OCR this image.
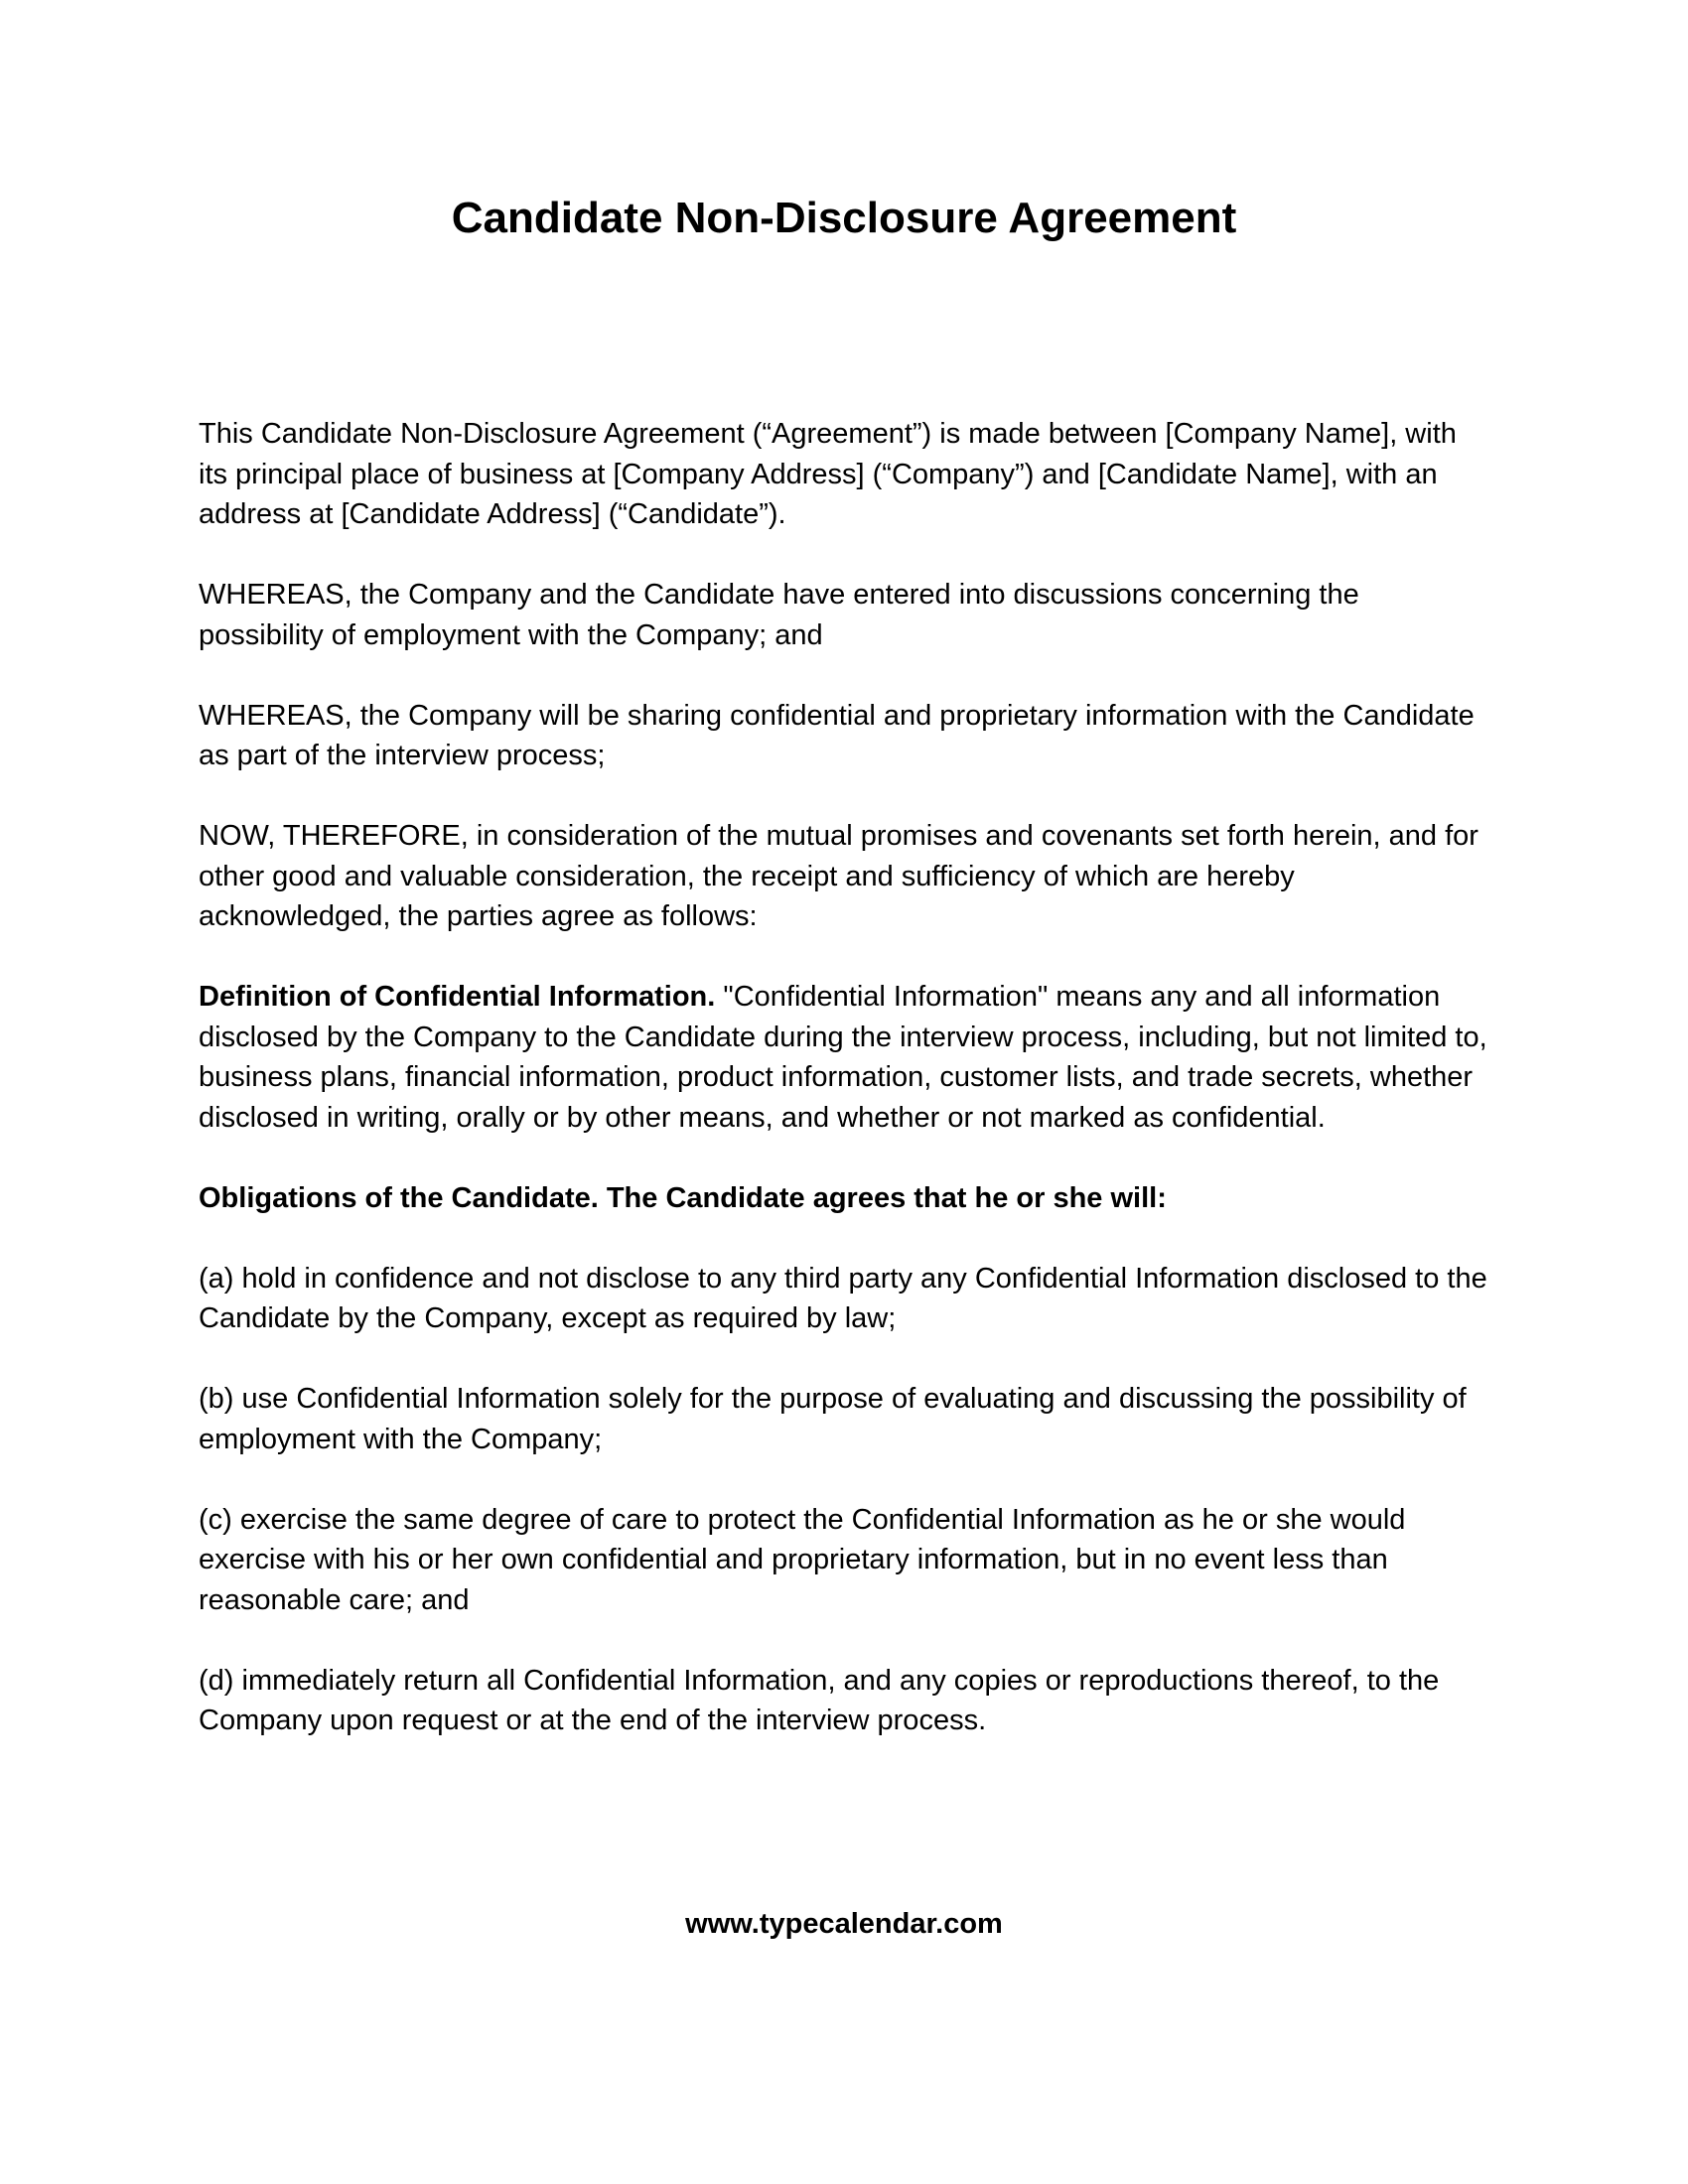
Candidate Non-Disclosure Agreement

This Candidate Non-Disclosure Agreement (“Agreement”) is made between [Company Name], with its principal place of business at [Company Address] (“Company”) and [Candidate Name], with an address at [Candidate Address] (“Candidate”).

WHEREAS, the Company and the Candidate have entered into discussions concerning the possibility of employment with the Company; and

WHEREAS, the Company will be sharing confidential and proprietary information with the Candidate as part of the interview process;

NOW, THEREFORE, in consideration of the mutual promises and covenants set forth herein, and for other good and valuable consideration, the receipt and sufficiency of which are hereby acknowledged, the parties agree as follows:

Definition of Confidential Information. "Confidential Information" means any and all information disclosed by the Company to the Candidate during the interview process, including, but not limited to, business plans, financial information, product information, customer lists, and trade secrets, whether disclosed in writing, orally or by other means, and whether or not marked as confidential.

Obligations of the Candidate. The Candidate agrees that he or she will:

(a) hold in confidence and not disclose to any third party any Confidential Information disclosed to the Candidate by the Company, except as required by law;

(b) use Confidential Information solely for the purpose of evaluating and discussing the possibility of employment with the Company;

(c) exercise the same degree of care to protect the Confidential Information as he or she would exercise with his or her own confidential and proprietary information, but in no event less than reasonable care; and

(d) immediately return all Confidential Information, and any copies or reproductions thereof, to the Company upon request or at the end of the interview process.

www.typecalendar.com
